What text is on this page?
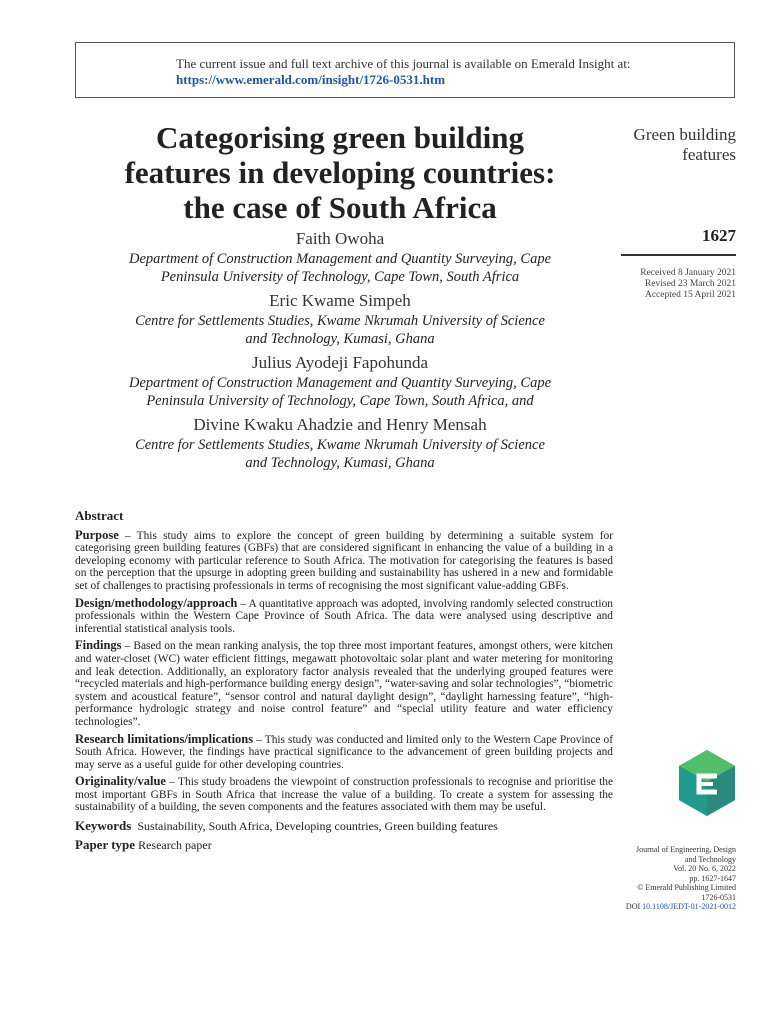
The current issue and full text archive of this journal is available on Emerald Insight at:
https://www.emerald.com/insight/1726-0531.htm
Categorising green building
features in developing countries:
the case of South Africa
Faith Owoha
Department of Construction Management and Quantity Surveying, Cape
Peninsula University of Technology, Cape Town, South Africa
Eric Kwame Simpeh
Centre for Settlements Studies, Kwame Nkrumah University of Science
and Technology, Kumasi, Ghana
Julius Ayodeji Fapohunda
Department of Construction Management and Quantity Surveying, Cape
Peninsula University of Technology, Cape Town, South Africa, and
Divine Kwaku Ahadzie and Henry Mensah
Centre for Settlements Studies, Kwame Nkrumah University of Science
and Technology, Kumasi, Ghana
Green building
features
1627
Received 8 January 2021
Revised 23 March 2021
Accepted 15 April 2021
Abstract

Purpose – This study aims to explore the concept of green building by determining a suitable system for categorising green building features (GBFs) that are considered significant in enhancing the value of a building in a developing economy with particular reference to South Africa. The motivation for categorising the features is based on the perception that the upsurge in adopting green building and sustainability has ushered in a new and formidable set of challenges to practising professionals in terms of recognising the most significant value-adding GBFs.

Design/methodology/approach – A quantitative approach was adopted, involving randomly selected construction professionals within the Western Cape Province of South Africa. The data were analysed using descriptive and inferential statistical analysis tools.

Findings – Based on the mean ranking analysis, the top three most important features, amongst others, were kitchen and water-closet (WC) water efficient fittings, megawatt photovoltaic solar plant and water metering for monitoring and leak detection. Additionally, an exploratory factor analysis revealed that the underlying grouped features were “recycled materials and high-performance building energy design”, “water-saving and solar technologies”, “biometric system and acoustical feature”, “sensor control and natural daylight design”, “daylight harnessing feature”, “high-performance hydrologic strategy and noise control feature” and “special utility feature and water efficiency technologies”.

Research limitations/implications – This study was conducted and limited only to the Western Cape Province of South Africa. However, the findings have practical significance to the advancement of green building projects and may serve as a useful guide for other developing countries.

Originality/value – This study broadens the viewpoint of construction professionals to recognise and prioritise the most important GBFs in South Africa that increase the value of a building. To create a system for assessing the sustainability of a building, the seven components and the features associated with them may be useful.

Keywords Sustainability, South Africa, Developing countries, Green building features
Paper type Research paper	Journal of Engineering, Design
and Technology
Vol. 20 No. 6, 2022
pp. 1627-1647
© Emerald Publishing Limited
1726-0531
DOI 10.1108/JEDT-01-2021-0012
